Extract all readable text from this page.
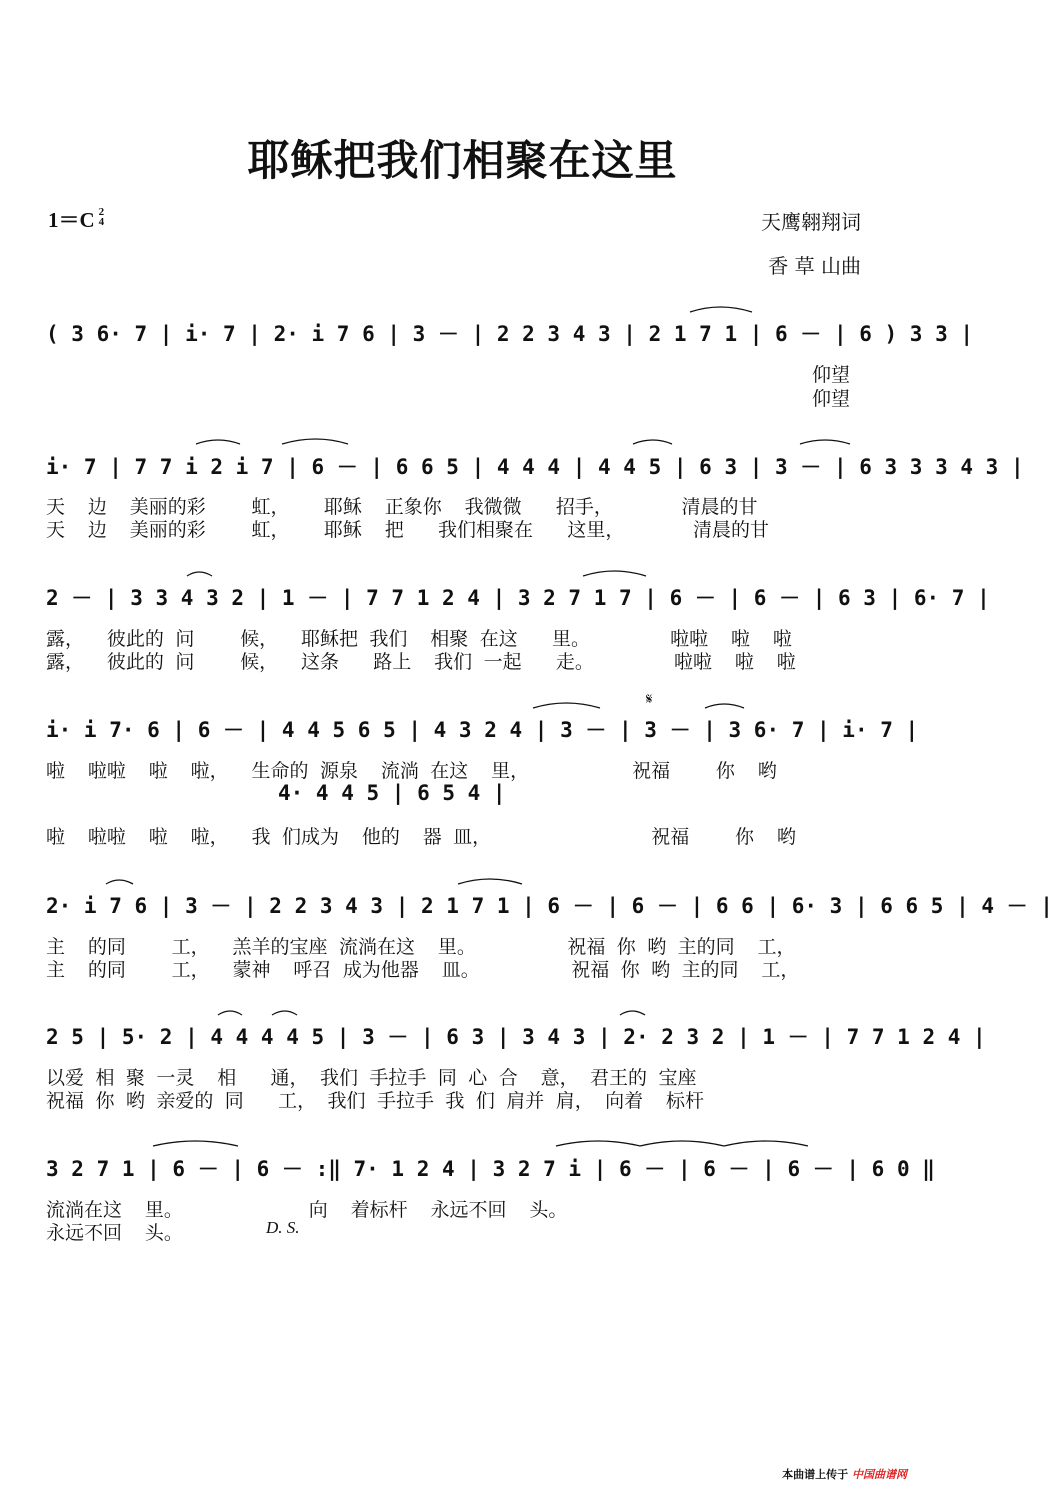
耶稣把我们相聚在这里
1＝C 2
4	天鹰翱翔词
香 草 山曲
( 3 6· 7 | i· 7 | 2· i 7 6 | 3 － | 2 2 3 4 3 | 2 1 7 1 | 6 － | 6 ) 3 3 |
仰望
仰望
i· 7 | 7 7 i 2 i 7 | 6 － | 6 6 5 | 4 4 4 | 4 4 5 | 6 3 | 3 － | 6 3 3 3 4 3 |
天  边  美丽的彩    虹，   耶稣  正象你  我微微   招手，      清晨的甘
天  边  美丽的彩    虹，   耶稣  把   我们相聚在   这里，      清晨的甘
2 － | 3 3 4 3 2 | 1 － | 7 7 1 2 4 | 3 2 7 1 7 | 6 － | 6 － | 6 3 | 6· 7 |
露，  彼此的 问    候，  耶稣把 我们  相聚 在这   里。       啦啦  啦  啦
露，  彼此的 问    候，  这条   路上  我们 一起   走。       啦啦  啦  啦
𝄋
i· i 7· 6 | 6 － | 4 4 5 6 5 | 4 3 2 4 | 3 － | 3 － | 3 6· 7 | i· 7 |
啦  啦啦  啦  啦，  生命的 源泉  流淌 在这  里，         祝福    你  哟
4· 4 4 5 | 6 5 4 |
啦  啦啦  啦  啦，  我 们成为  他的  器 皿，              祝福    你  哟
2· i 7 6 | 3 － | 2 2 3 4 3 | 2 1 7 1 | 6 － | 6 － | 6 6 | 6· 3 | 6 6 5 | 4 － |
主  的同    工，  羔羊的宝座 流淌在这  里。        祝福 你 哟 主的同  工，
主  的同    工，  蒙神  呼召 成为他器  皿。        祝福 你 哟 主的同  工，
2 5 | 5· 2 | 4 4 4 4 5 | 3 － | 6 3 | 3 4 3 | 2· 2 3 2 | 1 － | 7 7 1 2 4 |
以爱 相 聚 一灵  相   通， 我们 手拉手 同 心 合  意， 君王的 宝座
祝福 你 哟 亲爱的 同   工， 我们 手拉手 我 们 肩并 肩， 向着  标杆
3 2 7 1 | 6 － | 6 － :‖ 7· 1 2 4 | 3 2 7 i | 6 － | 6 － | 6 － | 6 0 ‖
流淌在这  里。           向  着标杆  永远不回  头。
永远不回  头。	D. S.
本曲谱上传于 中国曲谱网
